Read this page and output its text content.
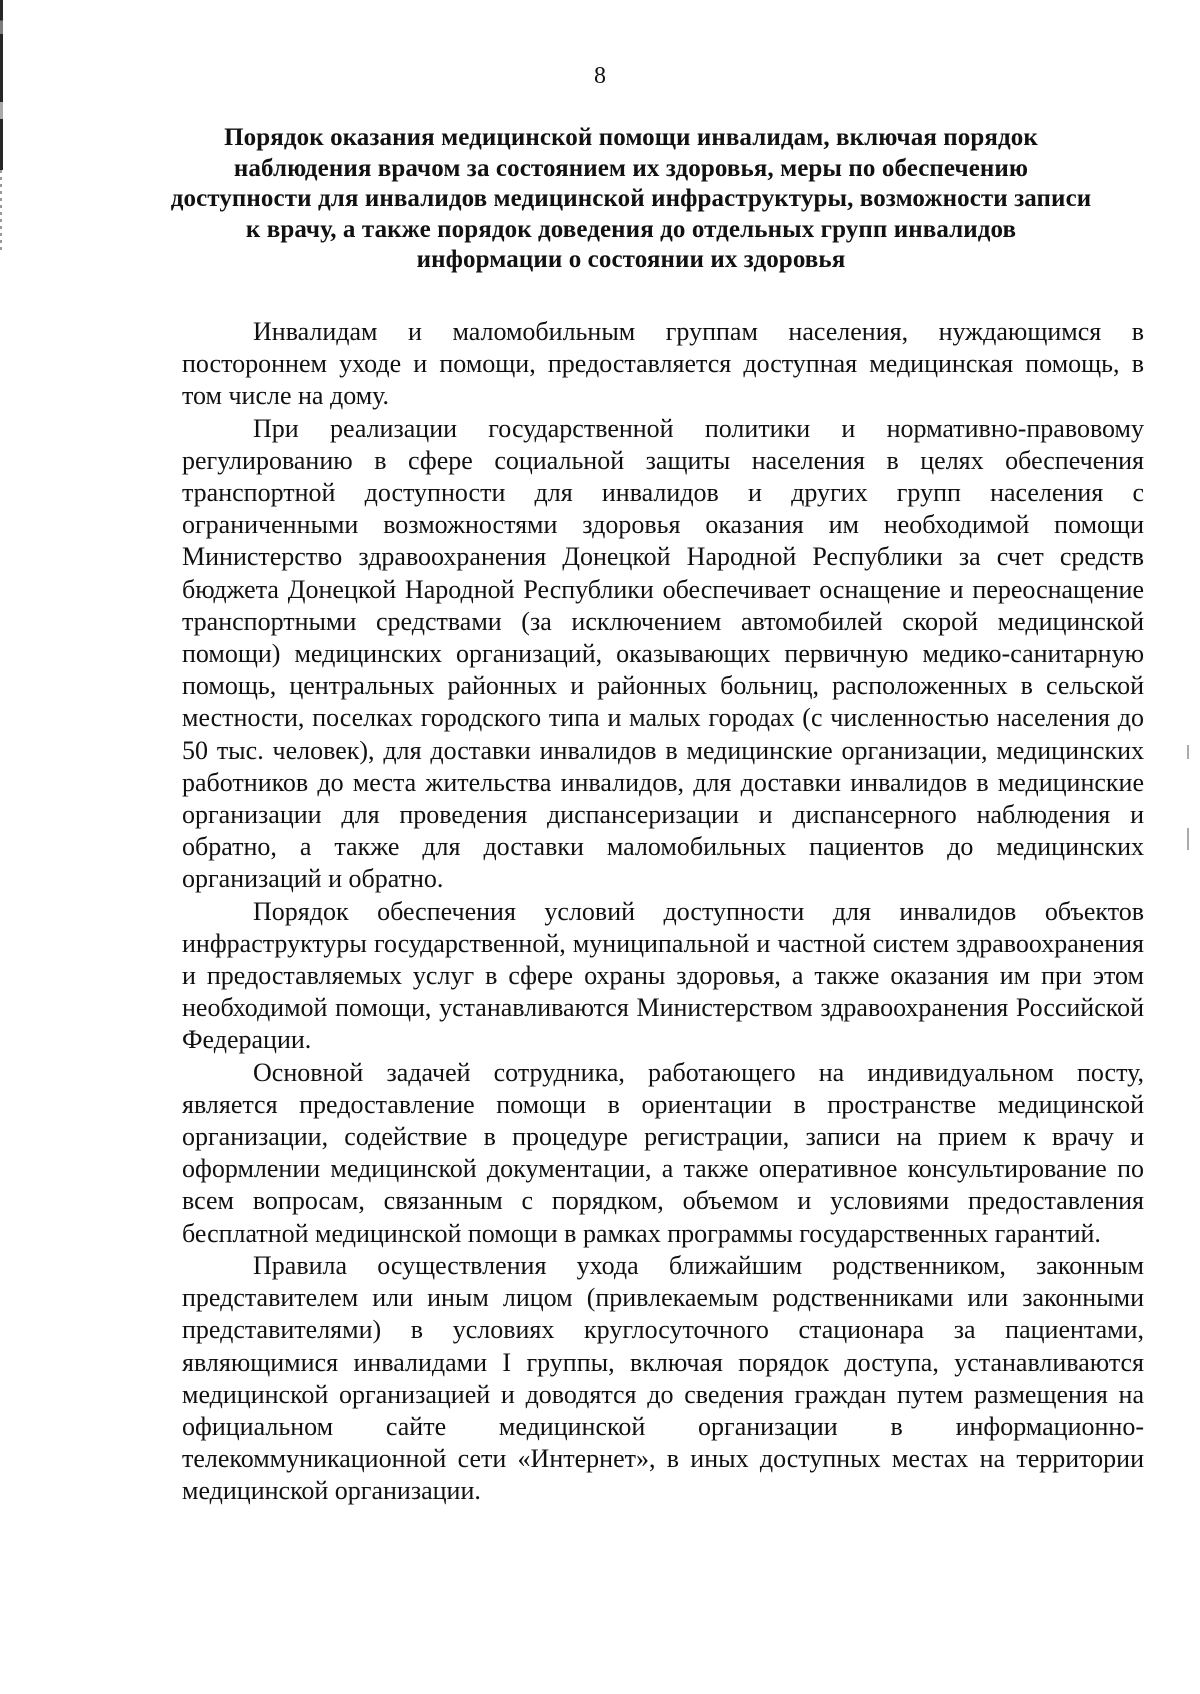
8
Порядок оказания медицинской помощи инвалидам, включая порядок наблюдения врачом за состоянием их здоровья, меры по обеспечению доступности для инвалидов медицинской инфраструктуры, возможности записи к врачу, а также порядок доведения до отдельных групп инвалидов информации о состоянии их здоровья

Инвалидам и маломобильным группам населения, нуждающимся в постороннем уходе и помощи, предоставляется доступная медицинская помощь, в том числе на дому.

При реализации государственной политики и нормативно-правовому регулированию в сфере социальной защиты населения в целях обеспечения транспортной доступности для инвалидов и других групп населения с ограниченными возможностями здоровья оказания им необходимой помощи Министерство здравоохранения Донецкой Народной Республики за счет средств бюджета Донецкой Народной Республики обеспечивает оснащение и переоснащение транспортными средствами (за исключением автомобилей скорой медицинской помощи) медицинских организаций, оказывающих первичную медико-санитарную помощь, центральных районных и районных больниц, расположенных в сельской местности, поселках городского типа и малых городах (с численностью населения до 50 тыс. человек), для доставки инвалидов в медицинские организации, медицинских работников до места жительства инвалидов, для доставки инвалидов в медицинские организации для проведения диспансеризации и диспансерного наблюдения и обратно, а также для доставки маломобильных пациентов до медицинских организаций и обратно.

Порядок обеспечения условий доступности для инвалидов объектов инфраструктуры государственной, муниципальной и частной систем здравоохранения и предоставляемых услуг в сфере охраны здоровья, а также оказания им при этом необходимой помощи, устанавливаются Министерством здравоохранения Российской Федерации.

Основной задачей сотрудника, работающего на индивидуальном посту, является предоставление помощи в ориентации в пространстве медицинской организации, содействие в процедуре регистрации, записи на прием к врачу и оформлении медицинской документации, а также оперативное консультирование по всем вопросам, связанным с порядком, объемом и условиями предоставления бесплатной медицинской помощи в рамках программы государственных гарантий.

Правила осуществления ухода ближайшим родственником, законным представителем или иным лицом (привлекаемым родственниками или законными представителями) в условиях круглосуточного стационара за пациентами, являющимися инвалидами I группы, включая порядок доступа, устанавливаются медицинской организацией и доводятся до сведения граждан путем размещения на официальном сайте медицинской организации в информационно-телекоммуникационной сети «Интернет», в иных доступных местах на территории медицинской организации.
